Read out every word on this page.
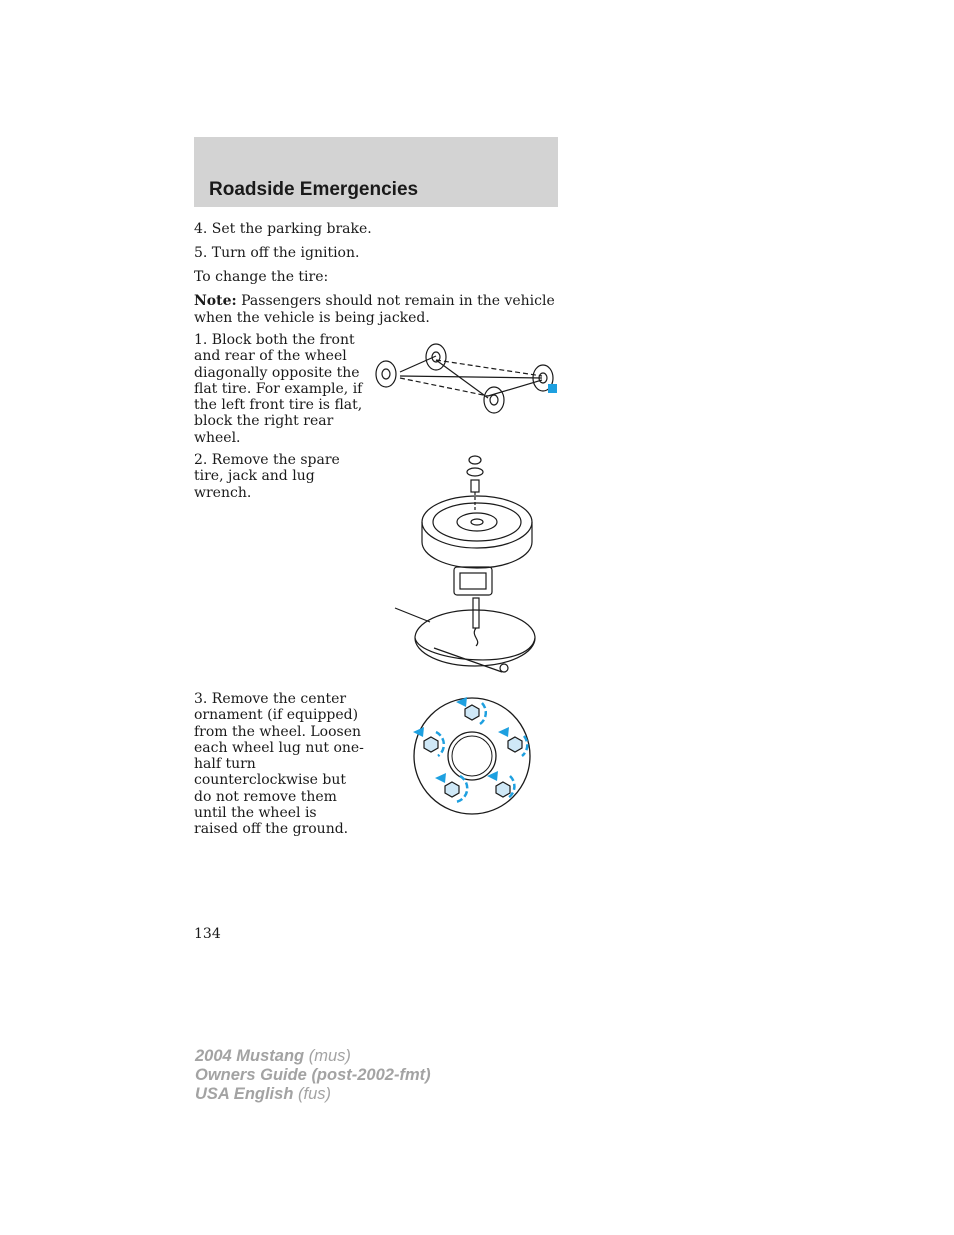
Roadside Emergencies

4. Set the parking brake.

5. Turn off the ignition.

To change the tire:

Note: Passengers should not remain in the vehicle when the vehicle is being jacked.

1. Block both the front and rear of the wheel diagonally opposite the flat tire. For example, if the left front tire is flat, block the right rear wheel.

2. Remove the spare tire, jack and lug wrench.

3. Remove the center ornament (if equipped) from the wheel. Loosen each wheel lug nut one-half turn counterclockwise but do not remove them until the wheel is raised off the ground.

134

2004 Mustang (mus)
Owners Guide (post-2002-fmt)
USA English (fus)
